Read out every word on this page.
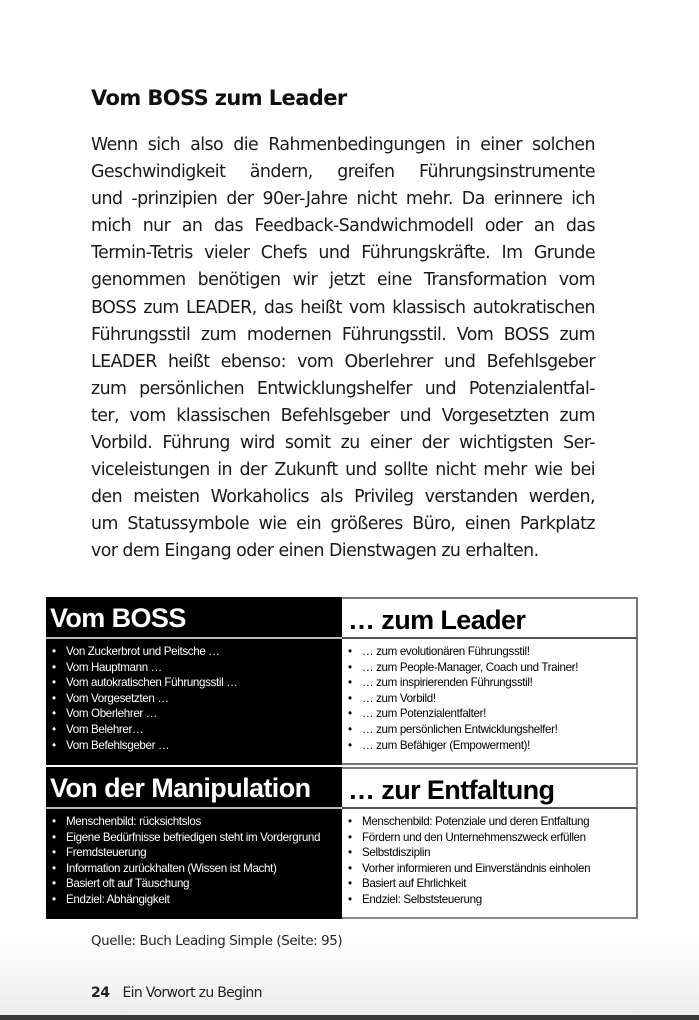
Vom BOSS zum Leader
Wenn sich also die Rahmenbedingungen in einer solchen
Geschwindigkeit ändern, greifen Führungsinstrumente
und -prinzipien der 90er-Jahre nicht mehr. Da erinnere ich
mich nur an das Feedback-Sandwichmodell oder an das
Termin-Tetris vieler Chefs und Führungskräfte. Im Grunde
genommen benötigen wir jetzt eine Transformation vom
BOSS zum LEADER, das heißt vom klassisch autokratischen
Führungsstil zum modernen Führungsstil. Vom BOSS zum
LEADER heißt ebenso: vom Oberlehrer und Befehlsgeber
zum persönlichen Entwicklungshelfer und Potenzialentfal-
ter, vom klassischen Befehlsgeber und Vorgesetzten zum
Vorbild. Führung wird somit zu einer der wichtigsten Ser-
viceleistungen in der Zukunft und sollte nicht mehr wie bei
den meisten Workaholics als Privileg verstanden werden,
um Statussymbole wie ein größeres Büro, einen Parkplatz
vor dem Eingang oder einen Dienstwagen zu erhalten.
Vom BOSS	… zum Leader
• Von Zuckerbrot und Peitsche …
• Vom Hauptmann …
• Vom autokratischen Führungsstil …
• Vom Vorgesetzten …
• Vom Oberlehrer …
• Vom Belehrer…
• Vom Befehlsgeber …
• … zum evolutionären Führungsstil!
• … zum People-Manager, Coach und Trainer!
• … zum inspirierenden Führungsstil!
• … zum Vorbild!
• … zum Potenzialentfalter!
• … zum persönlichen Entwicklungshelfer!
• … zum Befähiger (Empowerment)!
Von der Manipulation	… zur Entfaltung
• Menschenbild: rücksichtslos
• Eigene Bedürfnisse befriedigen steht im Vordergrund
• Fremdsteuerung
• Information zurückhalten (Wissen ist Macht)
• Basiert oft auf Täuschung
• Endziel: Abhängigkeit
• Menschenbild: Potenziale und deren Entfaltung
• Fördern und den Unternehmenszweck erfüllen
• Selbstdisziplin
• Vorher informieren und Einverständnis einholen
• Basiert auf Ehrlichkeit
• Endziel: Selbststeuerung
Quelle: Buch Leading Simple (Seite: 95)
24 Ein Vorwort zu Beginn
